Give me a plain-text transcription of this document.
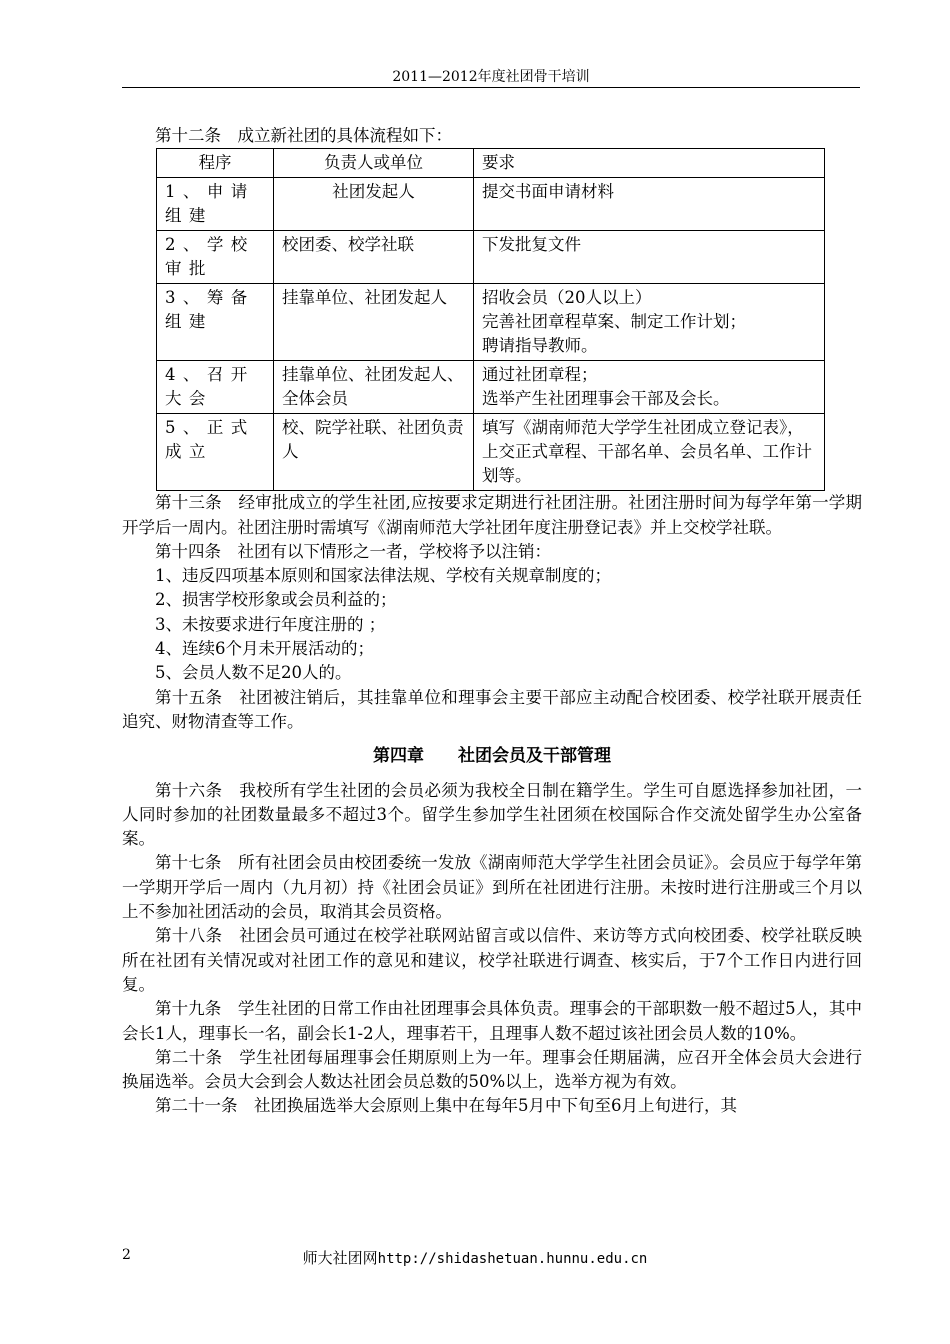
2011—2012年度社团骨干培训

第十二条　成立新社团的具体流程如下：

程序	负责人或单位	要求
1、申请组建	社团发起人	提交书面申请材料
2、学校审批	校团委、校学社联	下发批复文件
3、筹备组建	挂靠单位、社团发起人	招收会员（20人以上）
完善社团章程草案、制定工作计划；
聘请指导教师。
4、召开大会	挂靠单位、社团发起人、全体会员	通过社团章程；
选举产生社团理事会干部及会长。
5、正式成立	校、院学社联、社团负责人	填写《湖南师范大学学生社团成立登记表》，上交正式章程、干部名单、会员名单、工作计划等。

第十三条　经审批成立的学生社团,应按要求定期进行社团注册。社团注册时间为每学年第一学期开学后一周内。社团注册时需填写《湖南师范大学社团年度注册登记表》并上交校学社联。

第十四条　社团有以下情形之一者，学校将予以注销：

1、违反四项基本原则和国家法律法规、学校有关规章制度的；

2、损害学校形象或会员利益的；

3、未按要求进行年度注册的 ；

4、连续6个月未开展活动的；

5、会员人数不足20人的。

第十五条　社团被注销后，其挂靠单位和理事会主要干部应主动配合校团委、校学社联开展责任追究、财物清查等工作。

第四章　　社团会员及干部管理

第十六条　我校所有学生社团的会员必须为我校全日制在籍学生。学生可自愿选择参加社团，一人同时参加的社团数量最多不超过3个。留学生参加学生社团须在校国际合作交流处留学生办公室备案。

第十七条　所有社团会员由校团委统一发放《湖南师范大学学生社团会员证》。会员应于每学年第一学期开学后一周内（九月初）持《社团会员证》到所在社团进行注册。未按时进行注册或三个月以上不参加社团活动的会员，取消其会员资格。

第十八条　社团会员可通过在校学社联网站留言或以信件、来访等方式向校团委、校学社联反映所在社团有关情况或对社团工作的意见和建议，校学社联进行调查、核实后，于7个工作日内进行回复。

第十九条　学生社团的日常工作由社团理事会具体负责。理事会的干部职数一般不超过5人，其中会长1人，理事长一名，副会长1-2人，理事若干，且理事人数不超过该社团会员人数的10%。

第二十条　学生社团每届理事会任期原则上为一年。理事会任期届满，应召开全体会员大会进行换届选举。会员大会到会人数达社团会员总数的50%以上，选举方视为有效。

第二十一条　社团换届选举大会原则上集中在每年5月中下旬至6月上旬进行，其

2	师大社团网http://shidashetuan.hunnu.edu.cn
